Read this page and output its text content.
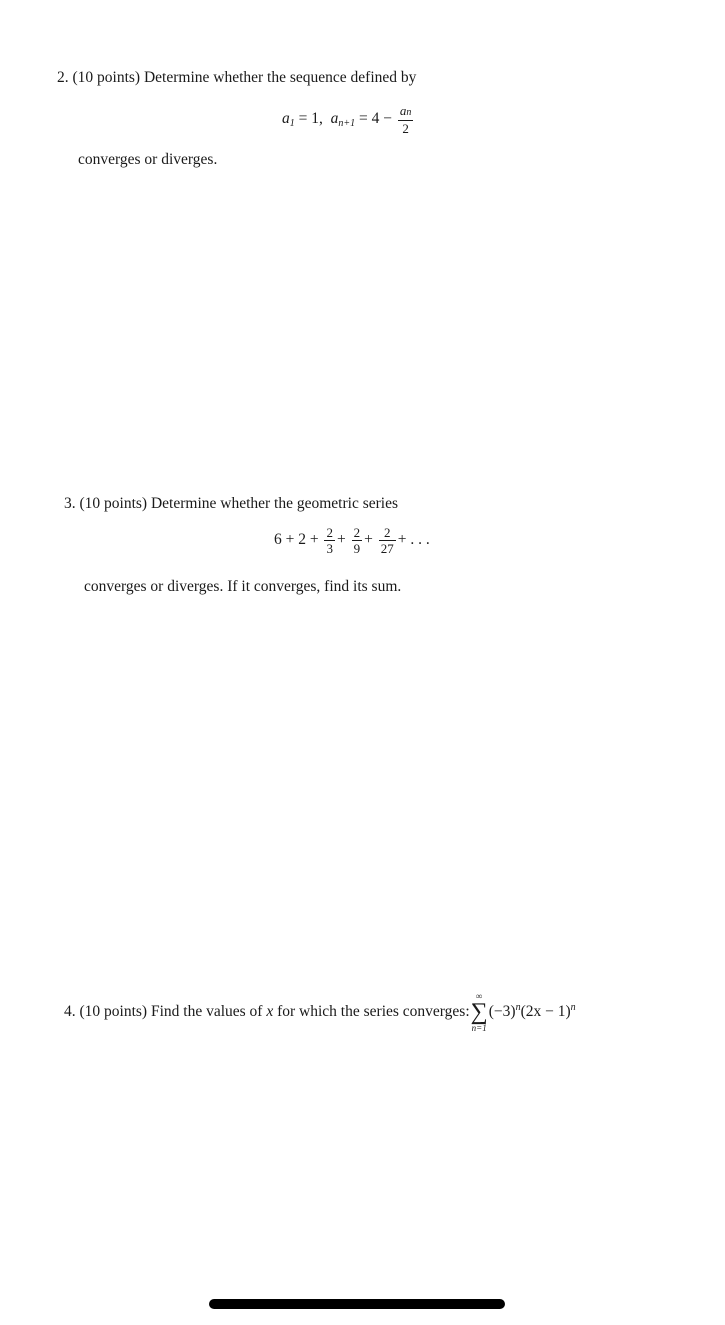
2. (10 points) Determine whether the sequence defined by
$a_1 = 1$, $a_{n+1} = 4 - \frac{an}{2}$
converges or diverges.
3. (10 points) Determine whether the geometric series
$6 + 2 + \frac{2}{3} + \frac{2}{9} + \frac{2}{27}$ + . . .
converges or diverges. If it converges, find its sum.
4. (10 points) Find the values of x for which the series converges:
∞
∑
n=1
$(-3)^n(2x - 1)^n$
